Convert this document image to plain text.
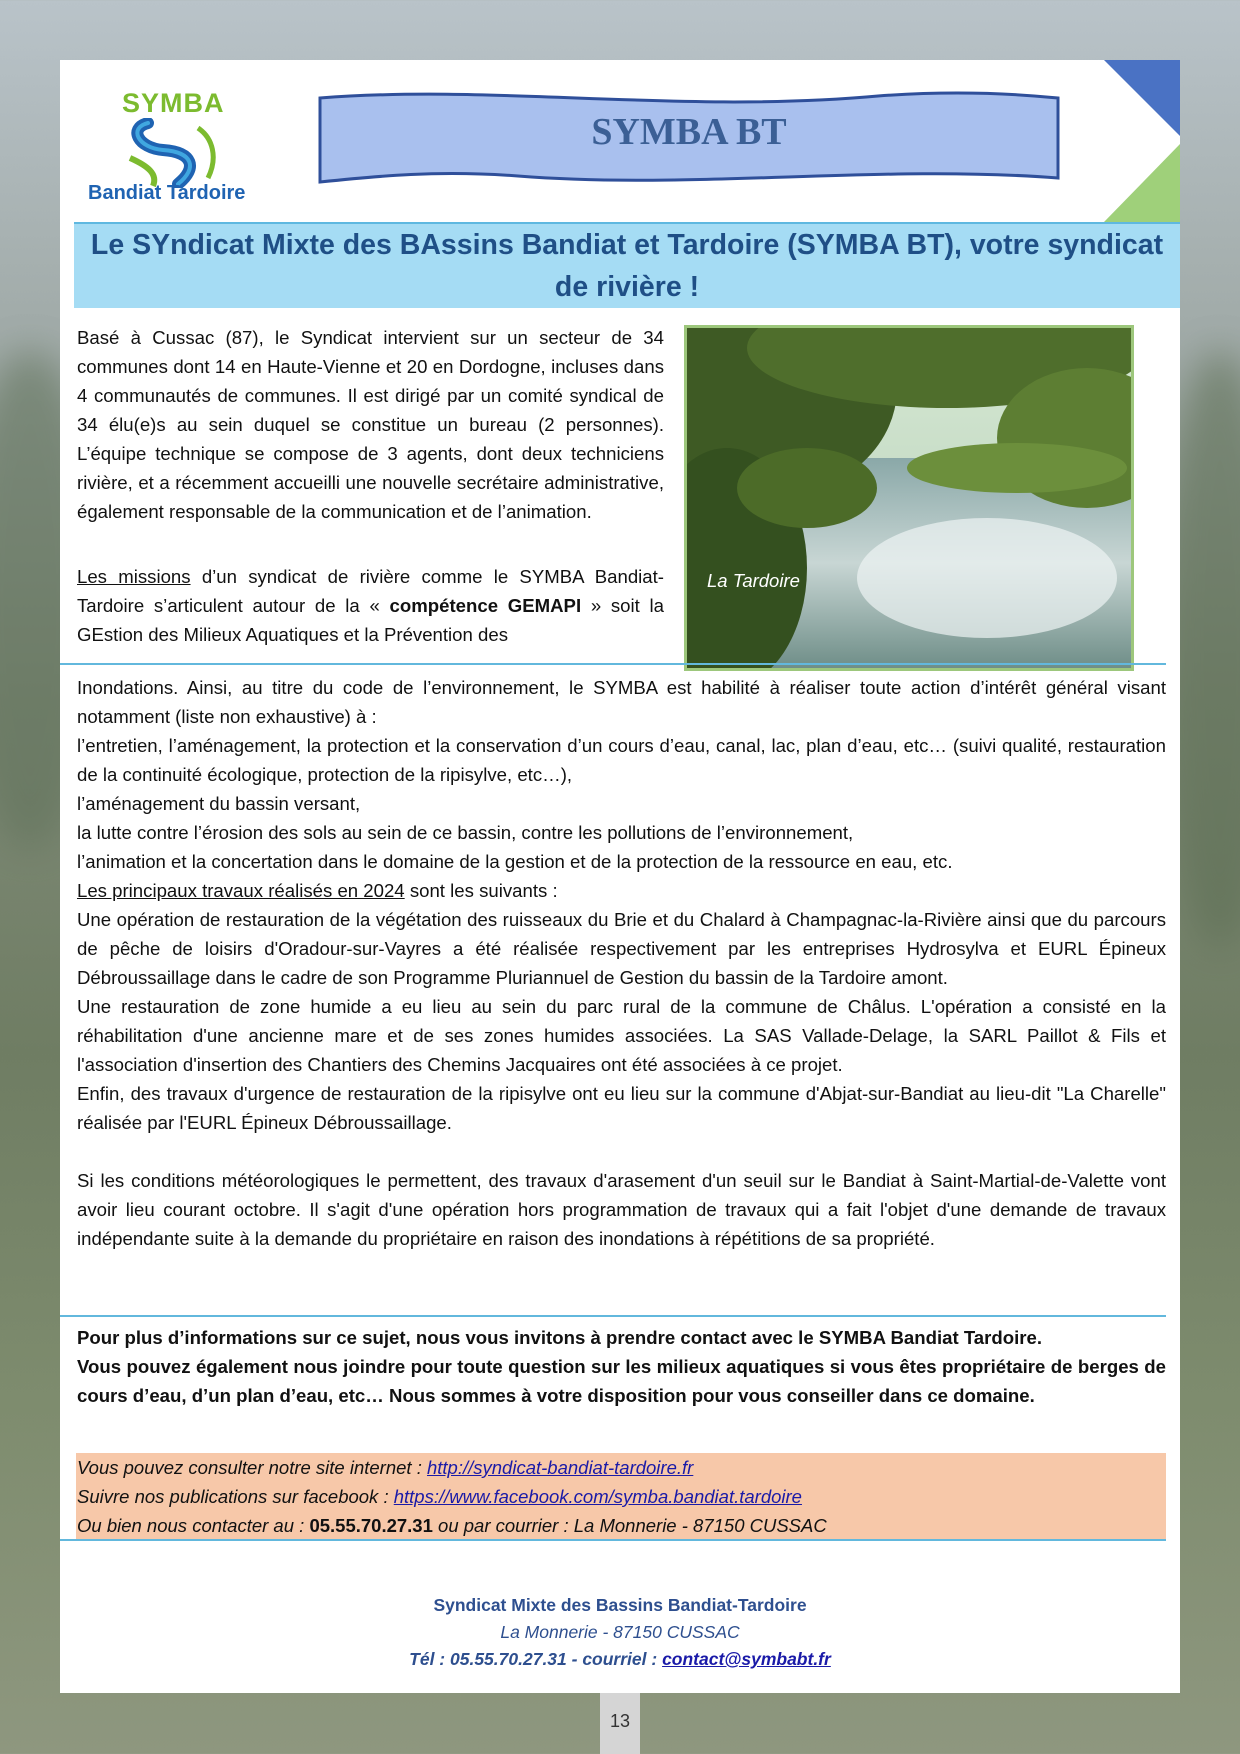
SYMBA
Bandiat Tardoire
SYMBA BT
Le SYndicat Mixte des BAssins Bandiat et Tardoire (SYMBA BT), votre syndicat de rivière !
Basé à Cussac (87), le Syndicat intervient sur un secteur de 34 communes dont 14 en Haute-Vienne et 20 en Dordogne, incluses dans 4 communautés de communes. Il est dirigé par un comité syndical de 34 élu(e)s au sein duquel se constitue un bureau (2 personnes). L’équipe technique se compose de 3 agents, dont deux techniciens rivière, et a récemment accueilli une nouvelle secrétaire administrative, également responsable de la communication et de l’animation.
Les missions d’un syndicat de rivière comme le SYMBA Bandiat-Tardoire s’articulent autour de la « compétence GEMAPI » soit la GEstion des Milieux Aquatiques et la Prévention des
La Tardoire
Inondations. Ainsi, au titre du code de l’environnement, le SYMBA est habilité à réaliser toute action d’intérêt général visant notamment (liste non exhaustive) à :
l’entretien, l’aménagement, la protection et la conservation d’un cours d’eau, canal, lac, plan d’eau, etc… (suivi qualité, restauration de la continuité écologique, protection de la ripisylve, etc…),
l’aménagement du bassin versant,
la lutte contre l’érosion des sols au sein de ce bassin, contre les pollutions de l’environnement,
l’animation et la concertation dans le domaine de la gestion et de la protection de la ressource en eau, etc.
Les principaux travaux réalisés en 2024 sont les suivants :
Une opération de restauration de la végétation des ruisseaux du Brie et du Chalard à Champagnac-la-Rivière ainsi que du parcours de pêche de loisirs d'Oradour-sur-Vayres a été réalisée respectivement par les entreprises Hydrosylva et EURL Épineux Débroussaillage dans le cadre de son Programme Pluriannuel de Gestion du bassin de la Tardoire amont.
Une restauration de zone humide a eu lieu au sein du parc rural de la commune de Châlus. L'opération a consisté en la réhabilitation d'une ancienne mare et de ses zones humides associées. La SAS Vallade-Delage, la SARL Paillot & Fils et l'association d'insertion des Chantiers des Chemins Jacquaires ont été associées à ce projet.
Enfin, des travaux d'urgence de restauration de la ripisylve ont eu lieu sur la commune d'Abjat-sur-Bandiat au lieu-dit "La Charelle" réalisée par l'EURL Épineux Débroussaillage.
Si les conditions météorologiques le permettent, des travaux d'arasement d'un seuil sur le Bandiat à Saint-Martial-de-Valette vont avoir lieu courant octobre. Il s'agit d'une opération hors programmation de travaux qui a fait l'objet d'une demande de travaux indépendante suite à la demande du propriétaire en raison des inondations à répétitions de sa propriété.
Pour plus d’informations sur ce sujet, nous vous invitons à prendre contact avec le SYMBA Bandiat Tardoire.
Vous pouvez également nous joindre pour toute question sur les milieux aquatiques si vous êtes propriétaire de berges de cours d’eau, d’un plan d’eau, etc… Nous sommes à votre disposition pour vous conseiller dans ce domaine.
Vous pouvez consulter notre site internet : http://syndicat-bandiat-tardoire.fr
Suivre nos publications sur facebook : https://www.facebook.com/symba.bandiat.tardoire
Ou bien nous contacter au : 05.55.70.27.31 ou par courrier : La Monnerie - 87150 CUSSAC
Syndicat Mixte des Bassins Bandiat-Tardoire
La Monnerie - 87150 CUSSAC
Tél : 05.55.70.27.31 - courriel : contact@symbabt.fr
13
